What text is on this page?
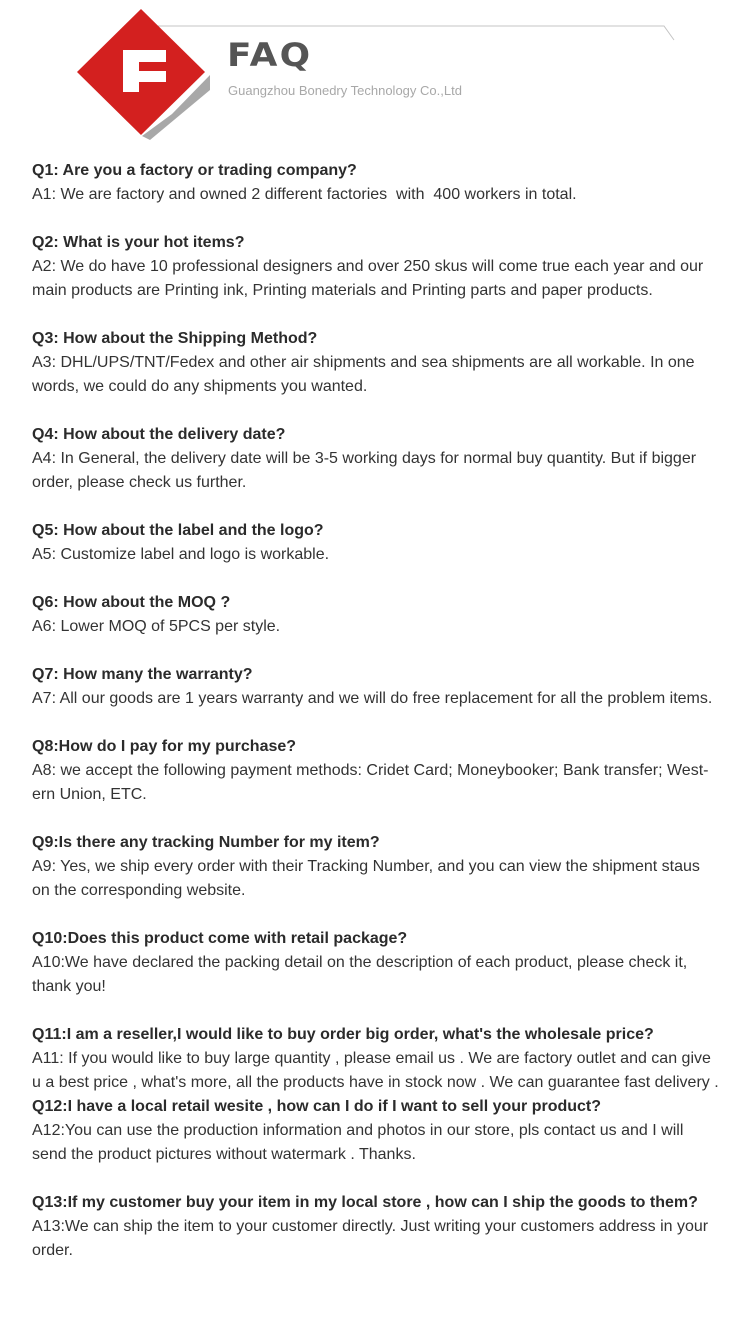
FAQ
Guangzhou Bonedry Technology Co.,Ltd
Q1: Are you a factory or trading company?
A1: We are factory and owned 2 different factories  with  400 workers in total.
Q2: What is your hot items?
A2: We do have 10 professional designers and over 250 skus will come true each year and our main products are Printing ink, Printing materials and Printing parts and paper products.
Q3: How about the Shipping Method?
A3: DHL/UPS/TNT/Fedex and other air shipments and sea shipments are all workable. In one words, we could do any shipments you wanted.
Q4: How about the delivery date?
A4: In General, the delivery date will be 3-5 working days for normal buy quantity. But if bigger order, please check us further.
Q5: How about the label and the logo?
A5: Customize label and logo is workable.
Q6: How about the MOQ ?
A6: Lower MOQ of 5PCS per style.
Q7: How many the warranty?
A7: All our goods are 1 years warranty and we will do free replacement for all the problem items.
Q8:How do I pay for my purchase?
A8: we accept the following payment methods: Cridet Card; Moneybooker; Bank transfer; West-ern Union, ETC.
Q9:Is there any tracking Number for my item?
A9: Yes, we ship every order with their Tracking Number, and you can view the shipment staus on the corresponding website.
Q10:Does this product come with retail package?
A10:We have declared the packing detail on the description of each product, please check it, thank you!
Q11:I am a reseller,I would like to buy order big order, what's the wholesale price?
A11: If you would like to buy large quantity , please email us . We are factory outlet and can give u a best price , what's more, all the products have in stock now . We can guarantee fast delivery .
Q12:I have a local retail wesite , how can I do if I want to sell your product?
A12:You can use the production information and photos in our store, pls contact us and I will send the product pictures without watermark . Thanks.
Q13:If my customer buy your item in my local store , how can I ship the goods to them?
A13:We can ship the item to your customer directly. Just writing your customers address in your order.
